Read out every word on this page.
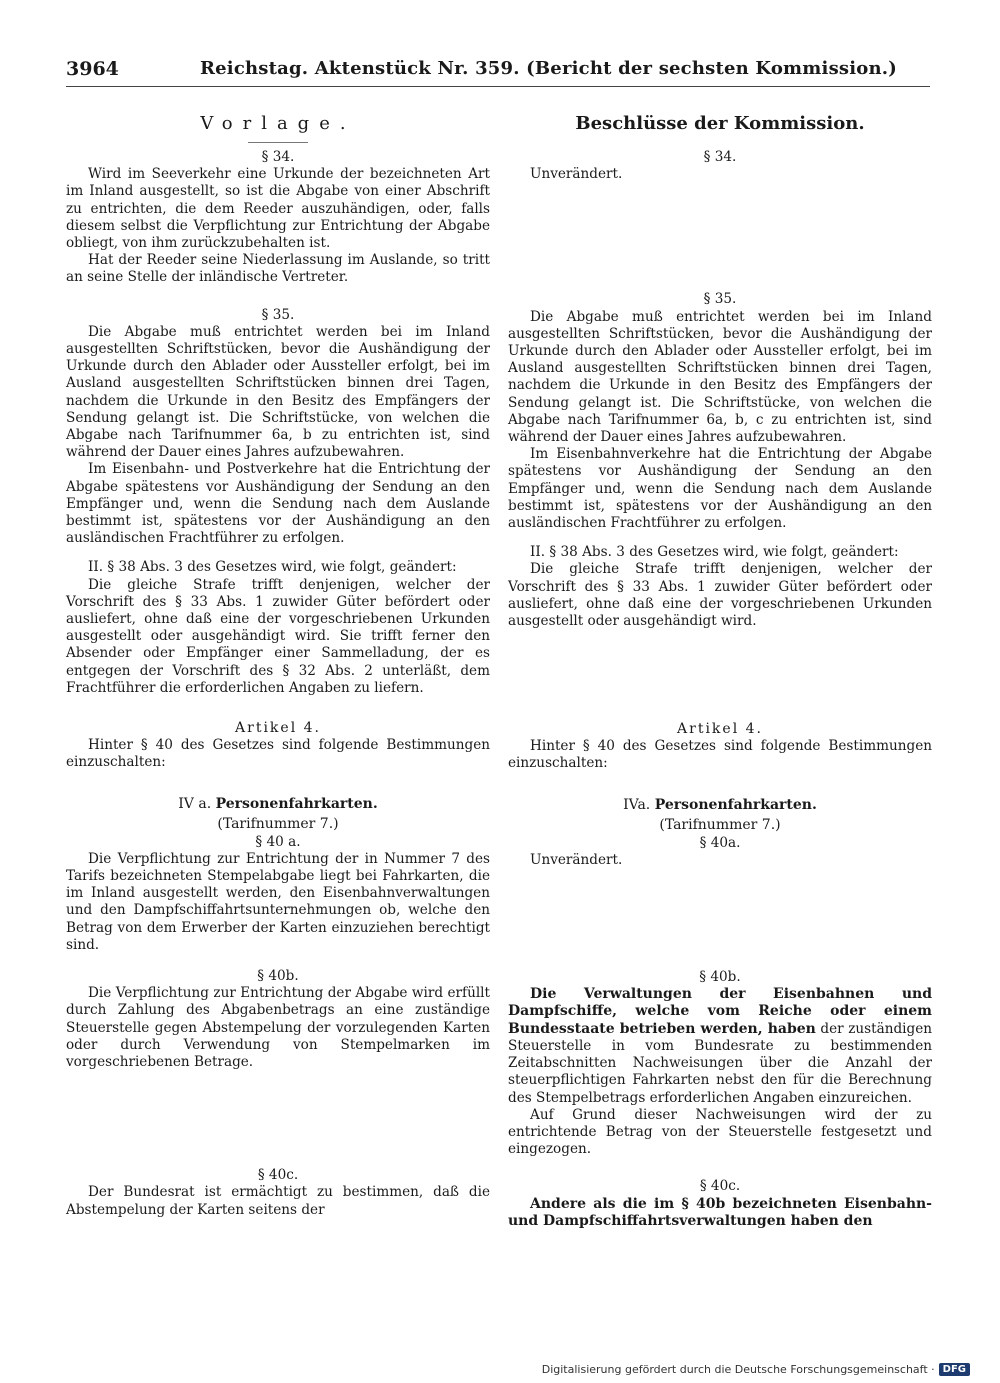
3964	Reichstag. Aktenstück Nr. 359. (Bericht der sechsten Kommission.)
Vorlage.

§ 34.

Wird im Seeverkehr eine Urkunde der bezeichneten Art im Inland ausgestellt, so ist die Abgabe von einer Abschrift zu entrichten, die dem Reeder auszuhändigen, oder, falls diesem selbst die Verpflichtung zur Entrichtung der Abgabe obliegt, von ihm zurückzubehalten ist.

Hat der Reeder seine Niederlassung im Auslande, so tritt an seine Stelle der inländische Vertreter.

§ 35.

Die Abgabe muß entrichtet werden bei im Inland ausgestellten Schriftstücken, bevor die Aushändigung der Urkunde durch den Ablader oder Aussteller erfolgt, bei im Ausland ausgestellten Schriftstücken binnen drei Tagen, nachdem die Urkunde in den Besitz des Empfängers der Sendung gelangt ist. Die Schriftstücke, von welchen die Abgabe nach Tarifnummer 6a, b zu entrichten ist, sind während der Dauer eines Jahres aufzubewahren.

Im Eisenbahn- und Postverkehre hat die Entrichtung der Abgabe spätestens vor Aushändigung der Sendung an den Empfänger und, wenn die Sendung nach dem Auslande bestimmt ist, spätestens vor der Aushändigung an den ausländischen Frachtführer zu erfolgen.

II. § 38 Abs. 3 des Gesetzes wird, wie folgt, geändert:

Die gleiche Strafe trifft denjenigen, welcher der Vorschrift des § 33 Abs. 1 zuwider Güter befördert oder ausliefert, ohne daß eine der vorgeschriebenen Urkunden ausgestellt oder ausgehändigt wird. Sie trifft ferner den Absender oder Empfänger einer Sammelladung, der es entgegen der Vorschrift des § 32 Abs. 2 unterläßt, dem Frachtführer die erforderlichen Angaben zu liefern.

Artikel 4.

Hinter § 40 des Gesetzes sind folgende Bestimmungen einzuschalten:

IV a. Personenfahrkarten.

(Tarifnummer 7.)

§ 40 a.

Die Verpflichtung zur Entrichtung der in Nummer 7 des Tarifs bezeichneten Stempelabgabe liegt bei Fahrkarten, die im Inland ausgestellt werden, den Eisenbahnverwaltungen und den Dampfschiffahrtsunternehmungen ob, welche den Betrag von dem Erwerber der Karten einzuziehen berechtigt sind.

§ 40b.

Die Verpflichtung zur Entrichtung der Abgabe wird erfüllt durch Zahlung des Abgabenbetrags an eine zuständige Steuerstelle gegen Abstempelung der vorzulegenden Karten oder durch Verwendung von Stempelmarken im vorgeschriebenen Betrage.

§ 40c.

Der Bundesrat ist ermächtigt zu bestimmen, daß die Abstempelung der Karten seitens der

Beschlüsse der Kommission.

§ 34.

Unverändert.

§ 35.

Die Abgabe muß entrichtet werden bei im Inland ausgestellten Schriftstücken, bevor die Aushändigung der Urkunde durch den Ablader oder Aussteller erfolgt, bei im Ausland ausgestellten Schriftstücken binnen drei Tagen, nachdem die Urkunde in den Besitz des Empfängers der Sendung gelangt ist. Die Schriftstücke, von welchen die Abgabe nach Tarifnummer 6a, b, c zu entrichten ist, sind während der Dauer eines Jahres aufzubewahren.

Im Eisenbahnverkehre hat die Entrichtung der Abgabe spätestens vor Aushändigung der Sendung an den Empfänger und, wenn die Sendung nach dem Auslande bestimmt ist, spätestens vor der Aushändigung an den ausländischen Frachtführer zu erfolgen.

II. § 38 Abs. 3 des Gesetzes wird, wie folgt, geändert:

Die gleiche Strafe trifft denjenigen, welcher der Vorschrift des § 33 Abs. 1 zuwider Güter befördert oder ausliefert, ohne daß eine der vorgeschriebenen Urkunden ausgestellt oder ausgehändigt wird.

Artikel 4.

Hinter § 40 des Gesetzes sind folgende Bestimmungen einzuschalten:

IVa. Personenfahrkarten.

(Tarifnummer 7.)

§ 40a.

Unverändert.

§ 40b.

Die Verwaltungen der Eisenbahnen und Dampfschiffe, welche vom Reiche oder einem Bundesstaate betrieben werden, haben der zuständigen Steuerstelle in vom Bundesrate zu bestimmenden Zeitabschnitten Nachweisungen über die Anzahl der steuerpflichtigen Fahrkarten nebst den für die Berechnung des Stempelbetrags erforderlichen Angaben einzureichen.

Auf Grund dieser Nachweisungen wird der zu entrichtende Betrag von der Steuerstelle festgesetzt und eingezogen.

§ 40c.

Andere als die im § 40b bezeichneten Eisenbahn- und Dampfschiffahrtsverwaltungen haben den

Digitalisierung gefördert durch die Deutsche Forschungsgemeinschaft · DFG
